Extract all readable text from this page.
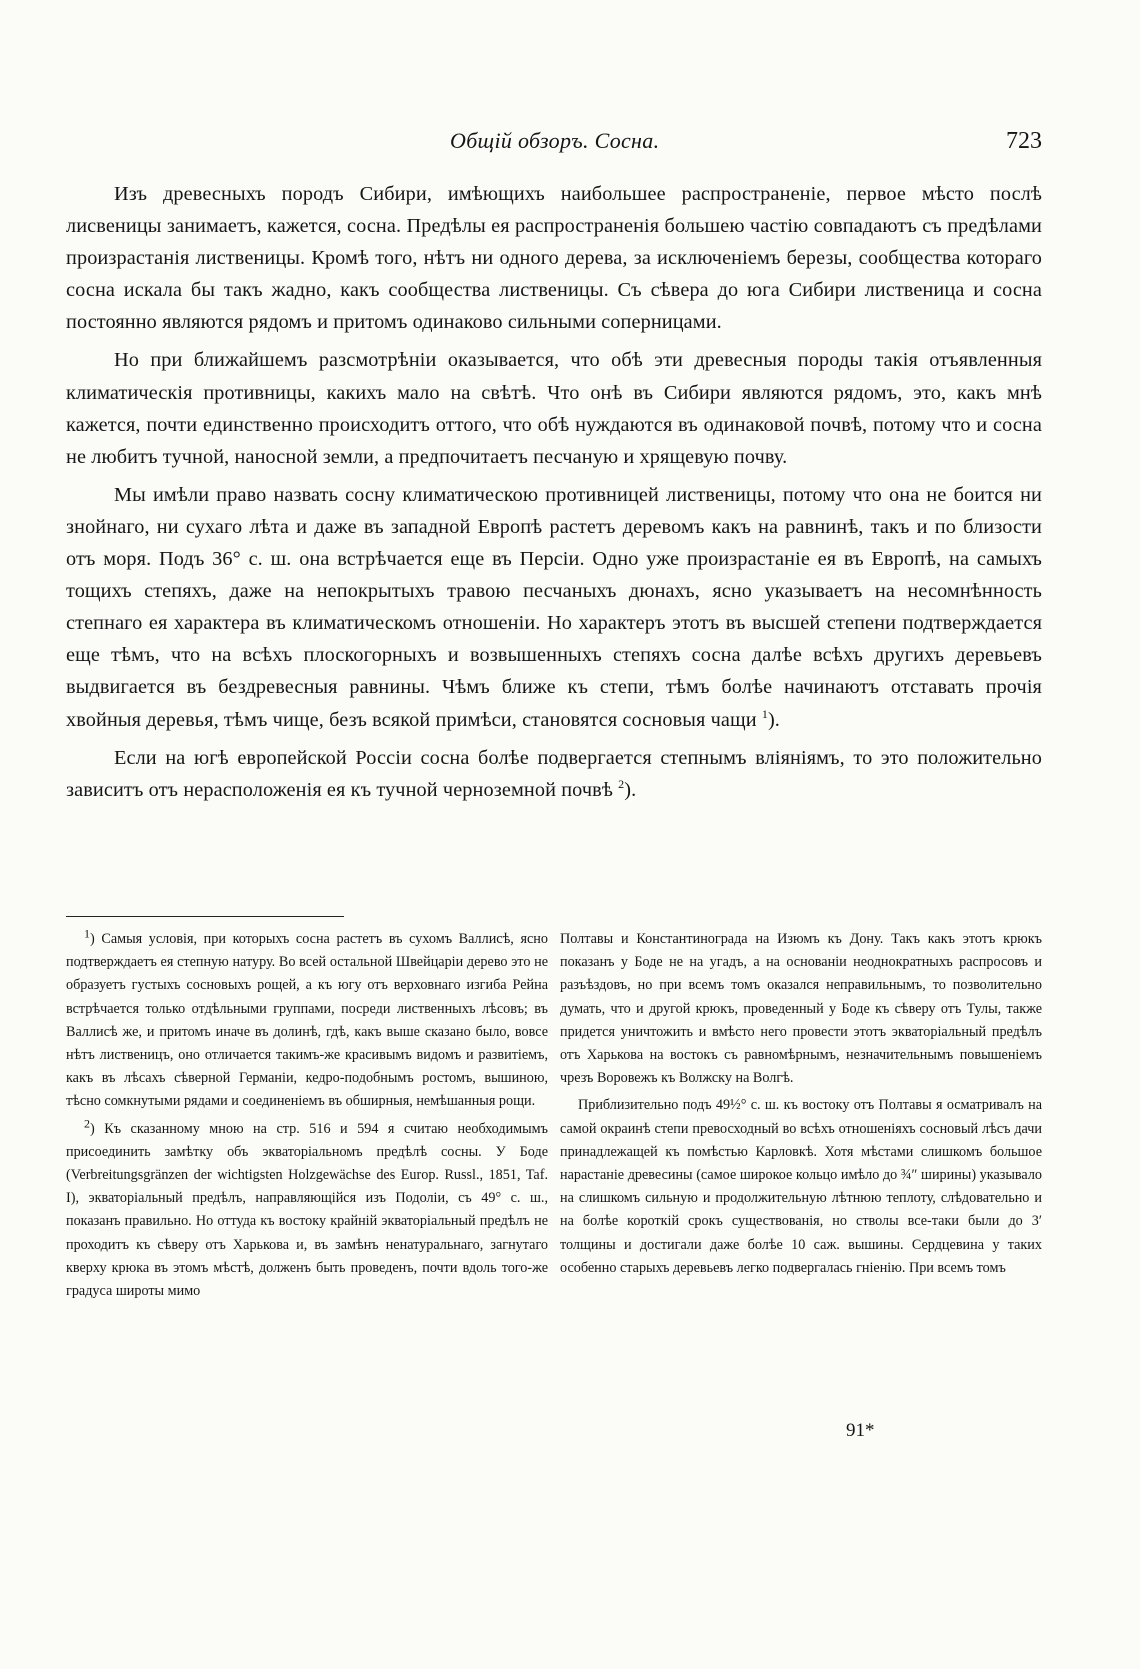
Общій обзоръ. Сосна.	723

Изъ древесныхъ породъ Сибири, имѣющихъ наибольшее распространеніе, первое мѣсто послѣ лисвеницы занимаетъ, кажется, сосна. Предѣлы ея распространенія большею частію совпадаютъ съ предѣлами произрастанія лиственицы. Кромѣ того, нѣтъ ни одного дерева, за исключеніемъ березы, сообщества котораго сосна искала бы такъ жадно, какъ сообщества лиственицы. Съ сѣвера до юга Сибири лиственица и сосна постоянно являются рядомъ и притомъ одинаково сильными соперницами.

Но при ближайшемъ разсмотрѣніи оказывается, что обѣ эти древесныя породы такія отъявленныя климатическія противницы, какихъ мало на свѣтѣ. Что онѣ въ Сибири являются рядомъ, это, какъ мнѣ кажется, почти единственно происходитъ оттого, что обѣ нуждаются въ одинаковой почвѣ, потому что и сосна не любитъ тучной, наносной земли, а предпочитаетъ песчаную и хрящевую почву.

Мы имѣли право назвать сосну климатическою противницей лиственицы, потому что она не боится ни знойнаго, ни сухаго лѣта и даже въ западной Европѣ растетъ деревомъ какъ на равнинѣ, такъ и по близости отъ моря. Подъ 36° с. ш. она встрѣчается еще въ Персіи. Одно уже произрастаніе ея въ Европѣ, на самыхъ тощихъ степяхъ, даже на непокрытыхъ травою песчаныхъ дюнахъ, ясно указываетъ на несомнѣнность степнаго ея характера въ климатическомъ отношеніи. Но характеръ этотъ въ высшей степени подтверждается еще тѣмъ, что на всѣхъ плоскогорныхъ и возвышенныхъ степяхъ сосна далѣе всѣхъ другихъ деревьевъ выдвигается въ бездревесныя равнины. Чѣмъ ближе къ степи, тѣмъ болѣе начинаютъ отставать прочія хвойныя деревья, тѣмъ чище, безъ всякой примѣси, становятся сосновыя чащи $^1$).

Если на югѣ европейской Россіи сосна болѣе подвергается степнымъ вліяніямъ, то это положительно зависитъ отъ нерасположенія ея къ тучной черноземной почвѣ $^2$).

$^1$) Самыя условія, при которыхъ сосна растетъ въ сухомъ Валлисѣ, ясно подтверждаетъ ея степную натуру. Во всей остальной Швейцаріи дерево это не образуетъ густыхъ сосновыхъ рощей, а къ югу отъ верховнаго изгиба Рейна встрѣчается только отдѣльными группами, посреди лиственныхъ лѣсовъ; въ Валлисѣ же, и притомъ иначе въ долинѣ, гдѣ, какъ выше сказано было, вовсе нѣтъ лиственицъ, оно отличается такимъ-же красивымъ видомъ и развитіемъ, какъ въ лѣсахъ сѣверной Германіи, кедро-подобнымъ ростомъ, вышиною, тѣсно сомкнутыми рядами и соединеніемъ въ обширныя, немѣшанныя рощи.

$^2$) Къ сказанному мною на стр. 516 и 594 я считаю необходимымъ присоединить замѣтку объ экваторіальномъ предѣлѣ сосны. У Боде (Verbreitungsgränzen der wichtigsten Holzgewächse des Europ. Russl., 1851, Taf. I), экваторіальный предѣлъ, направляющійся изъ Подоліи, съ 49° с. ш., показанъ правильно. Но оттуда къ востоку крайній экваторіальный предѣлъ не проходитъ къ сѣверу отъ Харькова и, въ замѣнъ ненатуральнаго, загнутаго кверху крюка въ этомъ мѣстѣ, долженъ быть проведенъ, почти вдоль того-же градуса широты мимо

Полтавы и Константинограда на Изюмъ къ Дону. Такъ какъ этотъ крюкъ показанъ у Боде не на угадъ, а на основаніи неоднократныхъ распросовъ и разъѣздовъ, но при всемъ томъ оказался неправильнымъ, то позволительно думать, что и другой крюкъ, проведенный у Боде къ сѣверу отъ Тулы, также придется уничтожить и вмѣсто него провести этотъ экваторіальный предѣлъ отъ Харькова на востокъ съ равномѣрнымъ, незначительнымъ повышеніемъ чрезъ Воровежъ къ Волжску на Волгѣ.

Приблизительно подъ 49½° с. ш. къ востоку отъ Полтавы я осматривалъ на самой окраинѣ степи превосходный во всѣхъ отношеніяхъ сосновый лѣсъ дачи принадлежащей къ помѣстью Карловкѣ. Хотя мѣстами слишкомъ большое нарастаніе древесины (самое широкое кольцо имѣло до ¾″ ширины) указывало на слишкомъ сильную и продолжительную лѣтнюю теплоту, слѣдовательно и на болѣе короткій срокъ существованія, но стволы все-таки были до 3′ толщины и достигали даже болѣе 10 саж. вышины. Сердцевина у таких особенно старыхъ деревьевъ легко подвергалась гніенію. При всемъ томъ

91*
